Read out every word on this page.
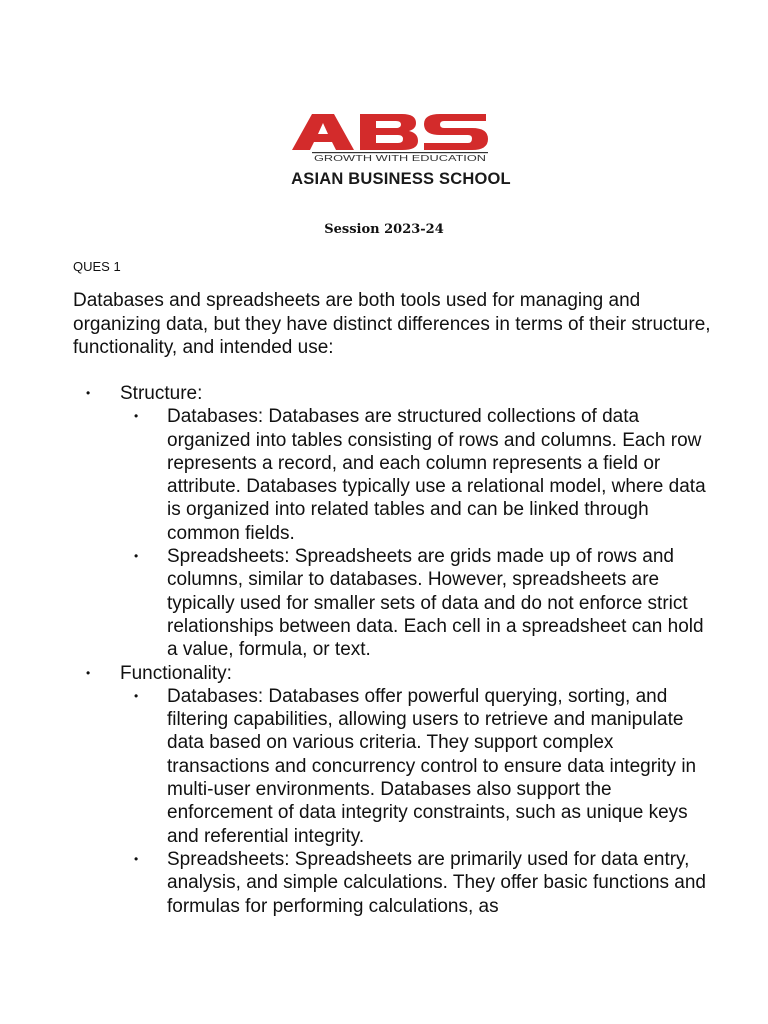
GROWTH WITH EDUCATION
ASIAN BUSINESS SCHOOL
Session 2023-24
QUES 1
Databases and spreadsheets are both tools used for managing and organizing data, but they have distinct differences in terms of their structure, functionality, and intended use:
• Structure:
• Databases: Databases are structured collections of data organized into tables consisting of rows and columns. Each row represents a record, and each column represents a field or attribute. Databases typically use a relational model, where data is organized into related tables and can be linked through common fields.
• Spreadsheets: Spreadsheets are grids made up of rows and columns, similar to databases. However, spreadsheets are typically used for smaller sets of data and do not enforce strict relationships between data. Each cell in a spreadsheet can hold a value, formula, or text.
• Functionality:
• Databases: Databases offer powerful querying, sorting, and filtering capabilities, allowing users to retrieve and manipulate data based on various criteria. They support complex transactions and concurrency control to ensure data integrity in multi-user environments. Databases also support the enforcement of data integrity constraints, such as unique keys and referential integrity.
• Spreadsheets: Spreadsheets are primarily used for data entry, analysis, and simple calculations. They offer basic functions and formulas for performing calculations, as
